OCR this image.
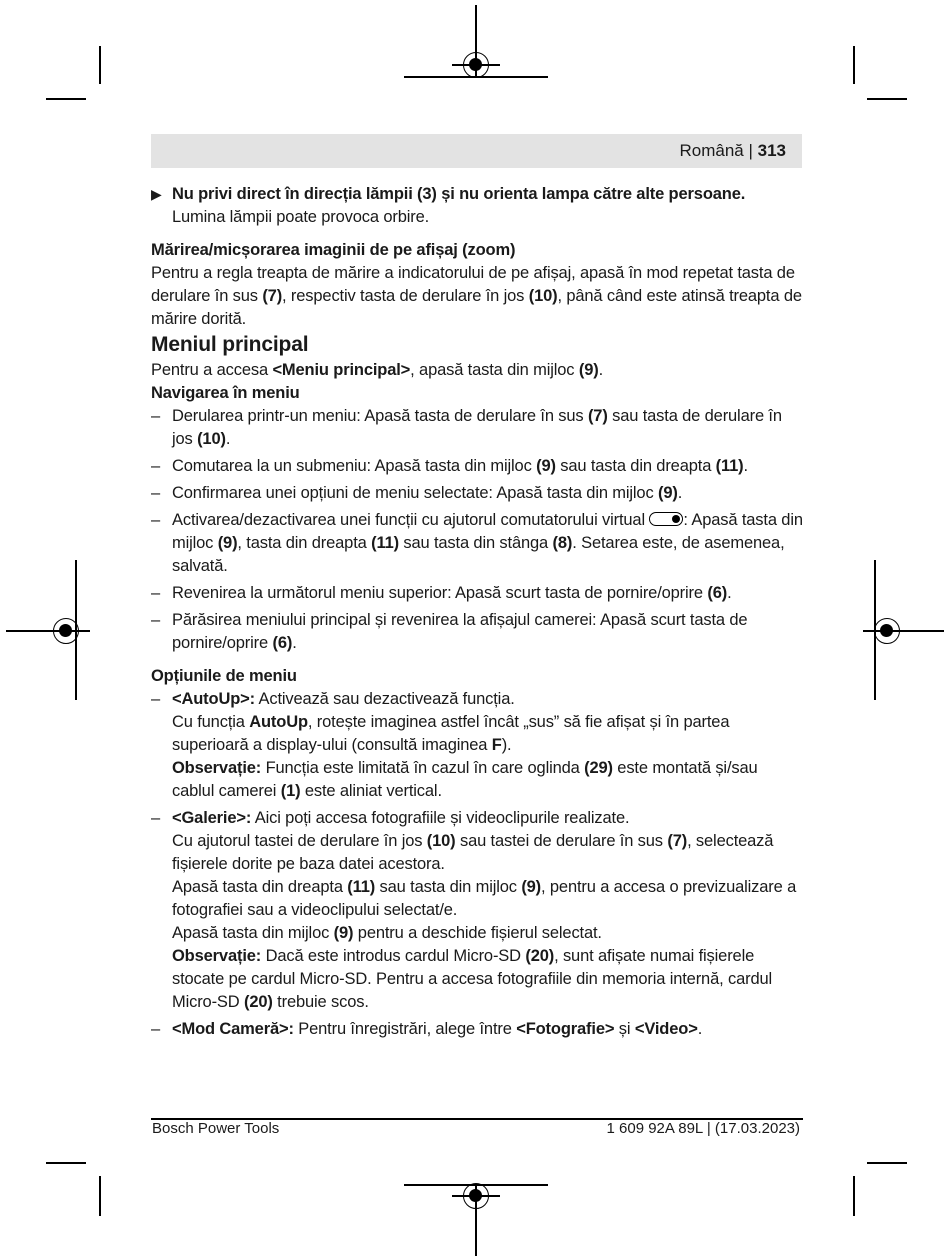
Română | 313
▶ Nu privi direct în direcția lămpii (3) și nu orienta lampa către alte persoane.
Lumina lămpii poate provoca orbire.

Mărirea/micșorarea imaginii de pe afișaj (zoom)

Pentru a regla treapta de mărire a indicatorului de pe afișaj, apasă în mod repetat tasta de derulare în sus (7), respectiv tasta de derulare în jos (10), până când este atinsă treapta de mărire dorită.

Meniul principal

Pentru a accesa <Meniu principal>, apasă tasta din mijloc (9).

Navigarea în meniu

– Derularea printr-un meniu: Apasă tasta de derulare în sus (7) sau tasta de derulare în jos (10).
– Comutarea la un submeniu: Apasă tasta din mijloc (9) sau tasta din dreapta (11).
– Confirmarea unei opțiuni de meniu selectate: Apasă tasta din mijloc (9).
– Activarea/dezactivarea unei funcții cu ajutorul comutatorului virtual : Apasă tasta din mijloc (9), tasta din dreapta (11) sau tasta din stânga (8). Setarea este, de asemenea, salvată.
– Revenirea la următorul meniu superior: Apasă scurt tasta de pornire/oprire (6).
– Părăsirea meniului principal și revenirea la afișajul camerei: Apasă scurt tasta de pornire/oprire (6).

Opțiunile de meniu

– <AutoUp>: Activează sau dezactivează funcția.
Cu funcția AutoUp, rotește imaginea astfel încât „sus” să fie afișat și în partea superioară a display-ului (consultă imaginea F).
Observație: Funcția este limitată în cazul în care oglinda (29) este montată și/sau cablul camerei (1) este aliniat vertical.
– <Galerie>: Aici poți accesa fotografiile și videoclipurile realizate.
Cu ajutorul tastei de derulare în jos (10) sau tastei de derulare în sus (7), selectează fișierele dorite pe baza datei acestora.
Apasă tasta din dreapta (11) sau tasta din mijloc (9), pentru a accesa o previzualizare a fotografiei sau a videoclipului selectat/e.
Apasă tasta din mijloc (9) pentru a deschide fișierul selectat.
Observație: Dacă este introdus cardul Micro-SD (20), sunt afișate numai fișierele stocate pe cardul Micro-SD. Pentru a accesa fotografiile din memoria internă, cardul Micro-SD (20) trebuie scos.
– <Mod Cameră>: Pentru înregistrări, alege între <Fotografie> și <Video>.
Bosch Power Tools	1 609 92A 89L | (17.03.2023)
